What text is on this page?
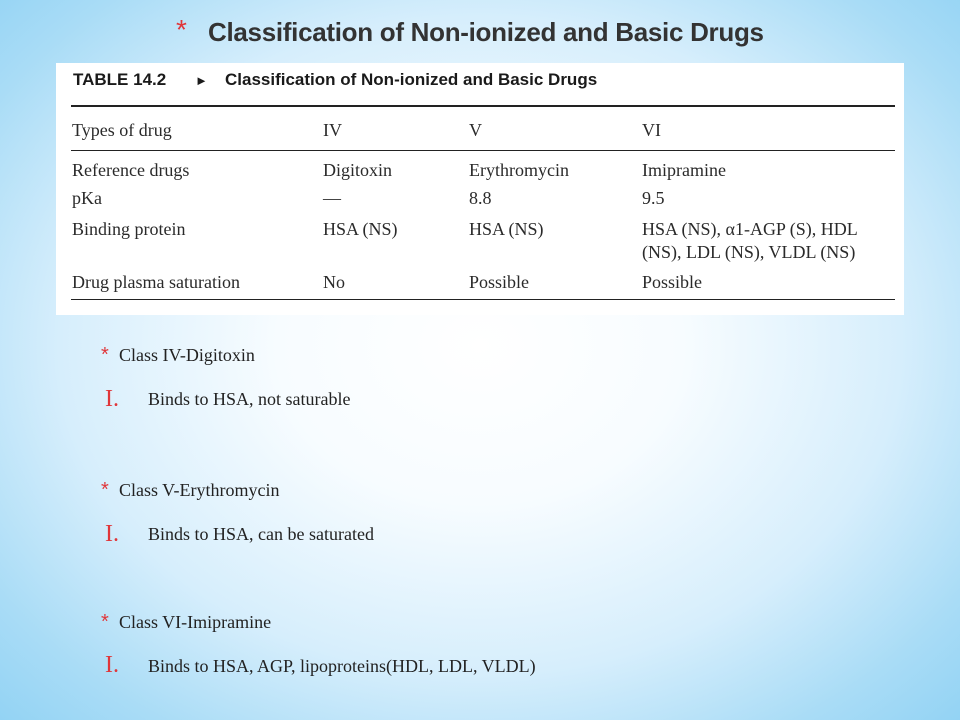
* Classification of Non-ionized and Basic Drugs
TABLE 14.2 ► Classification of Non-ionized and Basic Drugs
Types of drug	IV	V	VI
Reference drugs	Digitoxin	Erythromycin	Imipramine
pKa	—	8.8	9.5
Binding protein	HSA (NS)	HSA (NS)	HSA (NS), α1-AGP (S), HDL
(NS), LDL (NS), VLDL (NS)
Drug plasma saturation	No	Possible	Possible
* Class IV-Digitoxin
I. Binds to HSA, not saturable
* Class V-Erythromycin
I. Binds to HSA, can be saturated
* Class VI-Imipramine
I. Binds to HSA, AGP, lipoproteins(HDL, LDL, VLDL)
